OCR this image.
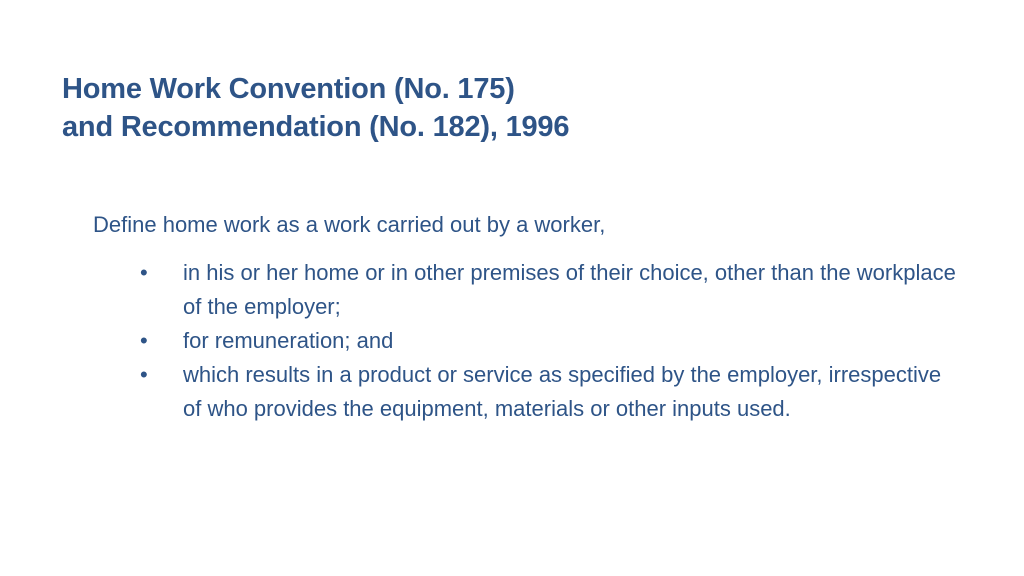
Home Work Convention (No. 175)
and Recommendation (No. 182), 1996

Define home work as a work carried out by a worker,

•	in his or her home or in other premises of their choice, other than the workplace of the employer;
•	for remuneration; and
•	which results in a product or service as specified by the employer, irrespective of who provides the equipment, materials or other inputs used.
